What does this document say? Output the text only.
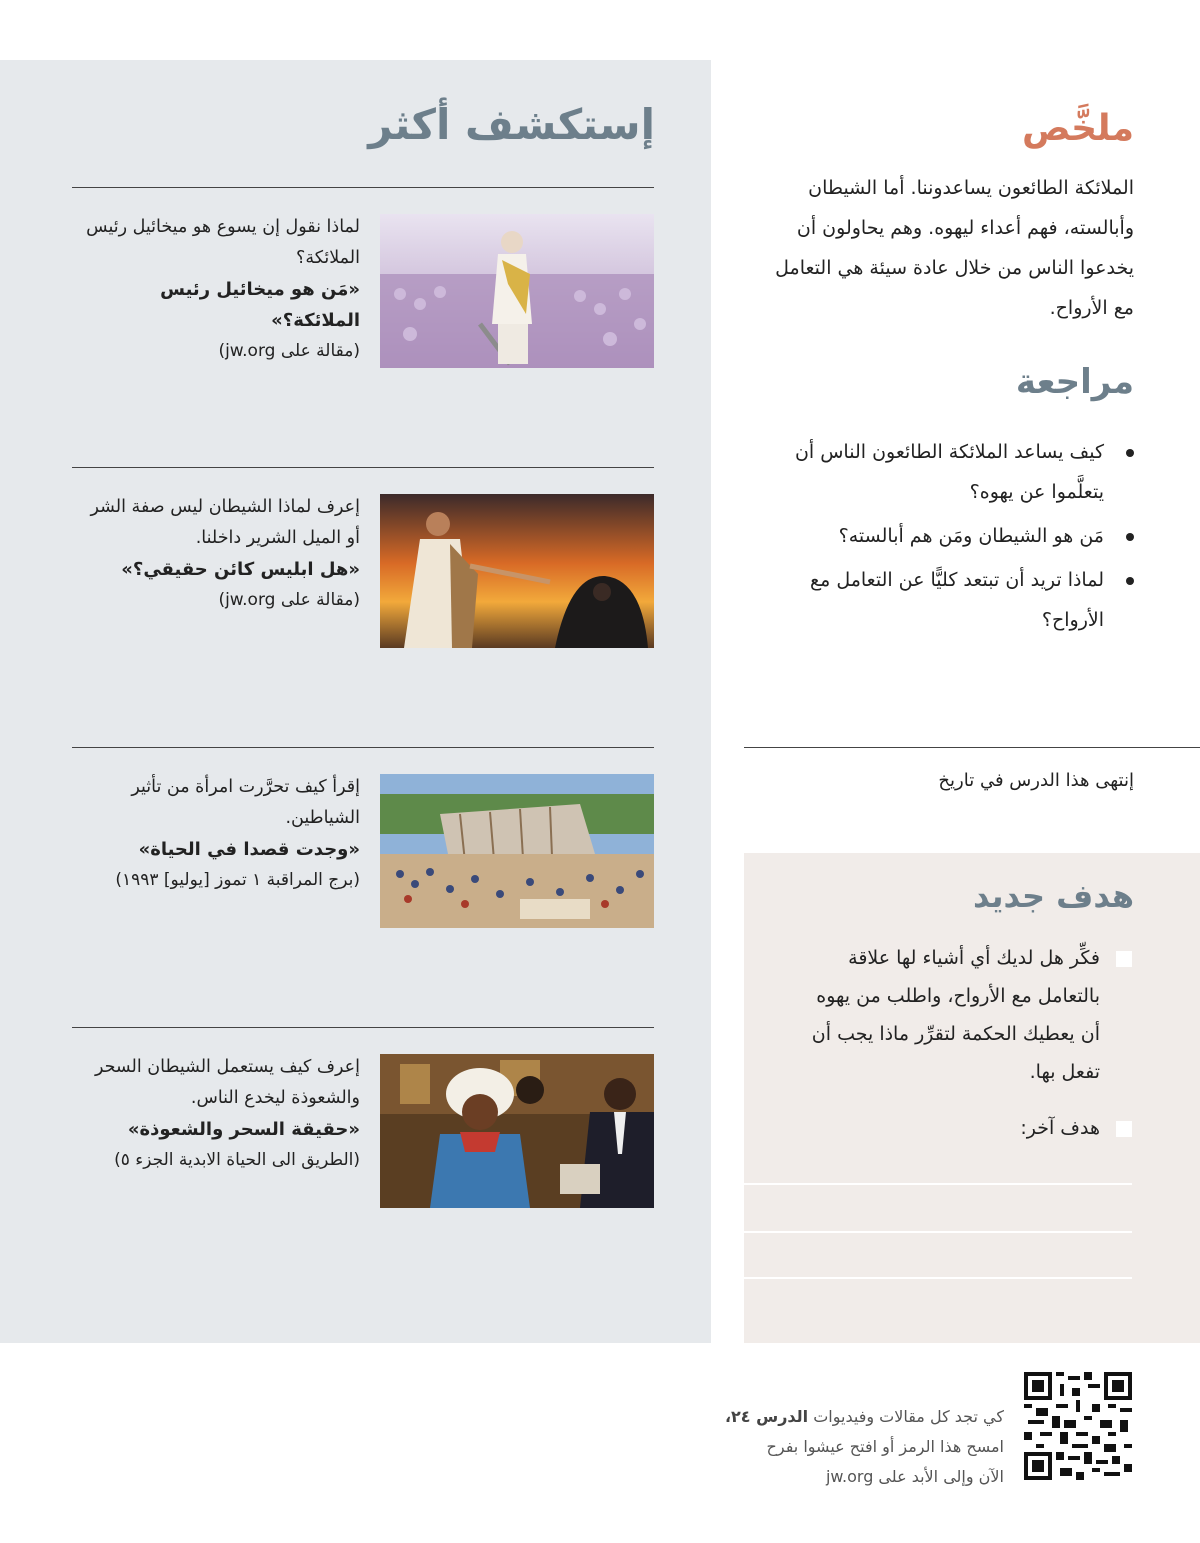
إستكشف أكثر
لماذا نقول إن يسوع هو ميخائيل رئيس الملائكة؟
«مَن هو ميخائيل رئيس الملائكة؟»
(مقالة على jw.org)
إعرف لماذا الشيطان ليس صفة الشر أو الميل الشرير داخلنا.
«هل ابليس كائن حقيقي؟»
(مقالة على jw.org)
إقرأ كيف تحرَّرت امرأة من تأثير الشياطين.
«وجدت قصدا في الحياة»
(برج المراقبة ١ تموز [يوليو] ١٩٩٣)
إعرف كيف يستعمل الشيطان السحر والشعوذة ليخدع الناس.
«حقيقة السحر والشعوذة»
(الطريق الى الحياة الابدية الجزء ٥)
ملخَّص
الملائكة الطائعون يساعدوننا. أما الشيطان وأبالسته، فهم أعداء ليهوه. وهم يحاولون أن يخدعوا الناس من خلال عادة سيئة هي التعامل مع الأرواح.
مراجعة
كيف يساعد الملائكة الطائعون الناس أن يتعلَّموا عن يهوه؟
مَن هو الشيطان ومَن هم أبالسته؟
لماذا تريد أن تبتعد كليًّا عن التعامل مع الأرواح؟
إنتهى هذا الدرس في تاريخ
هدف جديد
فكِّر هل لديك أي أشياء لها علاقة بالتعامل مع الأرواح، واطلب من يهوه أن يعطيك الحكمة لتقرِّر ماذا يجب أن تفعل بها.
هدف آخر:
كي تجد كل مقالات وفيديوات الدرس ٢٤،
امسح هذا الرمز أو افتح عيشوا بفرح
الآن وإلى الأبد على jw.org
